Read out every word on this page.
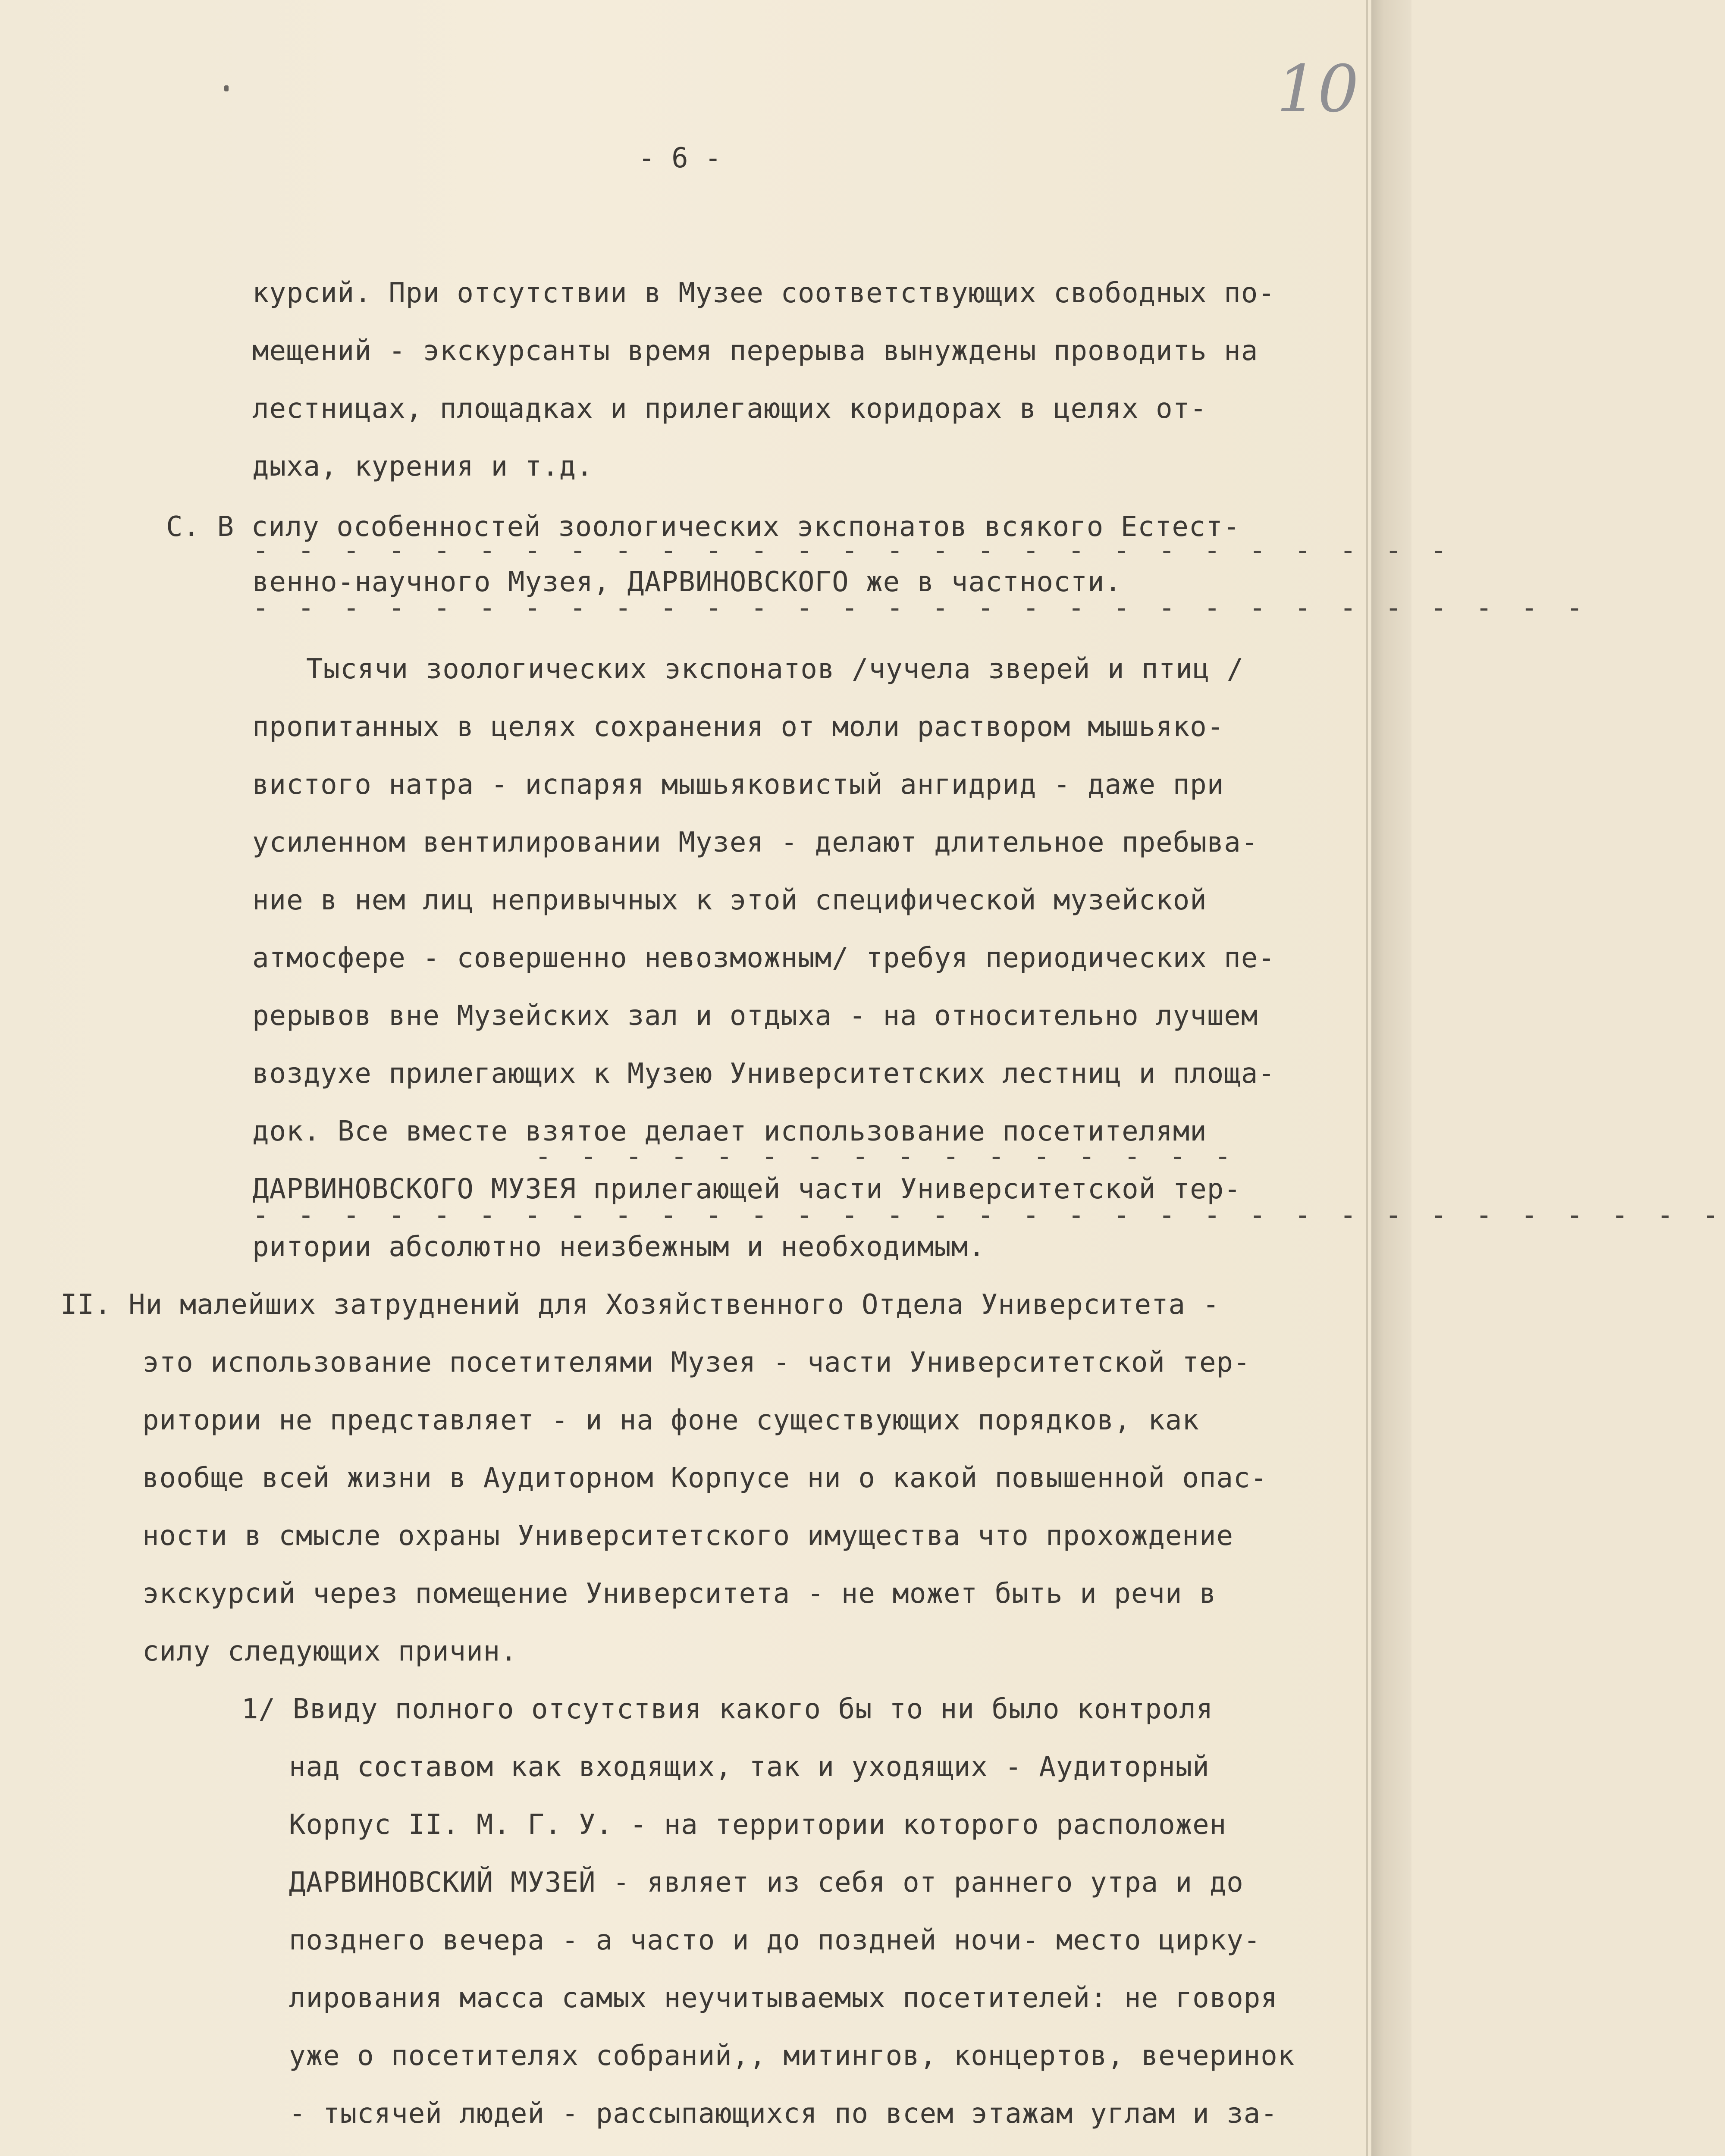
10
- 6 -
курсий. При отсутствии в Музее соответствующих свободных по-
мещений - экскурсанты время перерыва вынуждены проводить на
лестницах, площадках и прилегающих коридорах в целях от-
дыха, курения и т.д.
С. В силу особенностей зоологических экспонатов всякого Естест-
- - - - - - - - - - - - - - - - - - - - - - - - - - -
венно-научного Музея, ДАРВИНОВСКОГО же в частности.
- - - - - - - - - - - - - - - - - - - - - - - - - - - - - -
Тысячи зоологических экспонатов /чучела зверей и птиц /
пропитанных в целях сохранения от моли раствором мышьяко-
вистого натра - испаряя мышьяковистый ангидрид - даже при
усиленном вентилировании Музея - делают длительное пребыва-
ние в нем лиц непривычных к этой специфической музейской
атмосфере - совершенно невозможным/ требуя периодических пе-
рерывов вне Музейских зал и отдыха - на относительно лучшем
воздухе прилегающих к Музею Университетских лестниц и площа-
док. Все вместе взятое делает использование посетителями
- - - - - - - - - - - - - - - -
ДАРВИНОВСКОГО МУЗЕЯ прилегающей части Университетской тер-
- - - - - - - - - - - - - - - - - - - - - - - - - - - - - - - - -
ритории абсолютно неизбежным и необходимым.
II. Ни малейших затруднений для Хозяйственного Отдела Университета -
это использование посетителями Музея - части Университетской тер-
ритории не представляет - и на фоне существующих порядков, как
вообще всей жизни в Аудиторном Корпусе ни о какой повышенной опас-
ности в смысле охраны Университетского имущества что прохождение
экскурсий через помещение Университета - не может быть и речи в
силу следующих причин.
1/ Ввиду полного отсутствия какого бы то ни было контроля
над составом как входящих, так и уходящих - Аудиторный
Корпус II. М. Г. У. - на территории которого расположен
ДАРВИНОВСКИЙ МУЗЕЙ - являет из себя от раннего утра и до
позднего вечера - а часто и до поздней ночи- место цирку-
лирования масса самых неучитываемых посетителей: не говоря
уже о посетителях собраний,, митингов, концертов, вечеринок
- тысячей людей - рассыпающихся по всем этажам углам и за-
